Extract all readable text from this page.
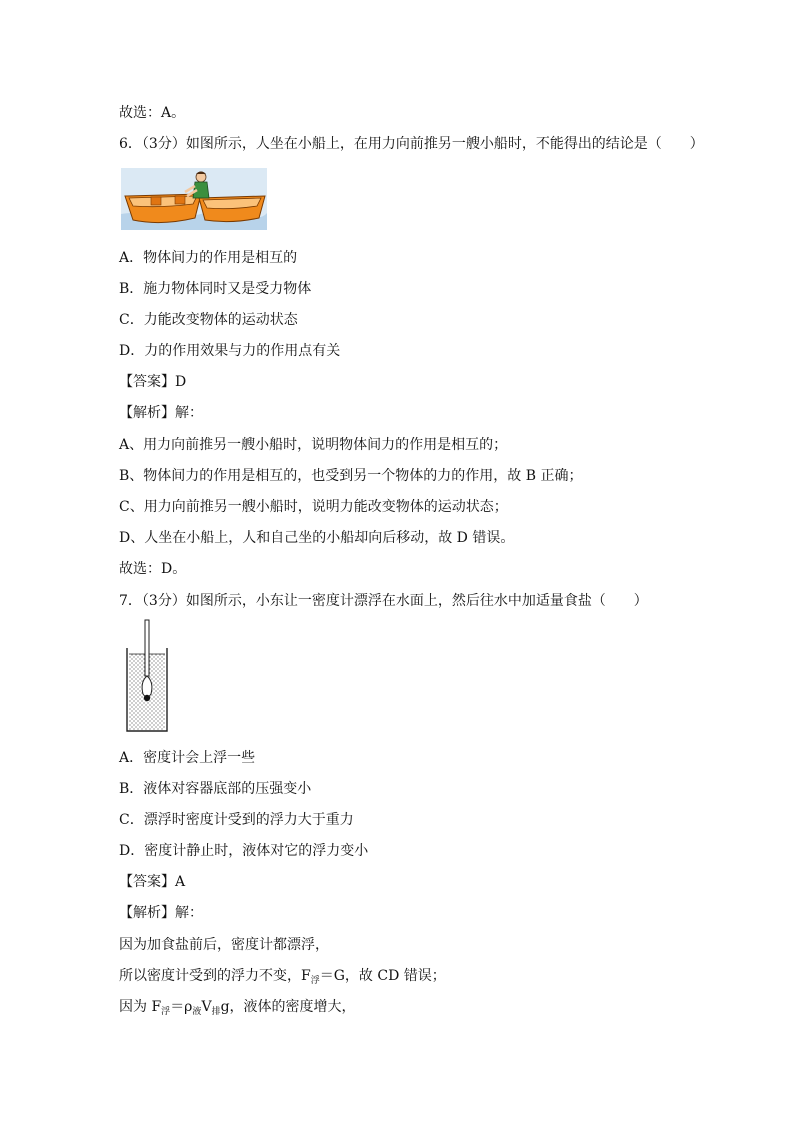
故选：A。
6．（3分）如图所示，人坐在小船上，在用力向前推另一艘小船时，不能得出的结论是（　　）
A．物体间力的作用是相互的
B．施力物体同时又是受力物体
C．力能改变物体的运动状态
D．力的作用效果与力的作用点有关
【答案】D
【解析】解：
A、用力向前推另一艘小船时，说明物体间力的作用是相互的；
B、物体间力的作用是相互的，也受到另一个物体的力的作用，故 B 正确；
C、用力向前推另一艘小船时，说明力能改变物体的运动状态；
D、人坐在小船上，人和自己坐的小船却向后移动，故 D 错误。
故选：D。
7．（3分）如图所示，小东让一密度计漂浮在水面上，然后往水中加适量食盐（　　）
A．密度计会上浮一些
B．液体对容器底部的压强变小
C．漂浮时密度计受到的浮力大于重力
D．密度计静止时，液体对它的浮力变小
【答案】A
【解析】解：
因为加食盐前后，密度计都漂浮，
所以密度计受到的浮力不变，$F_浮=G$，故 CD 错误；
因为 $F_浮=\rho_液V_排g$，液体的密度增大，
